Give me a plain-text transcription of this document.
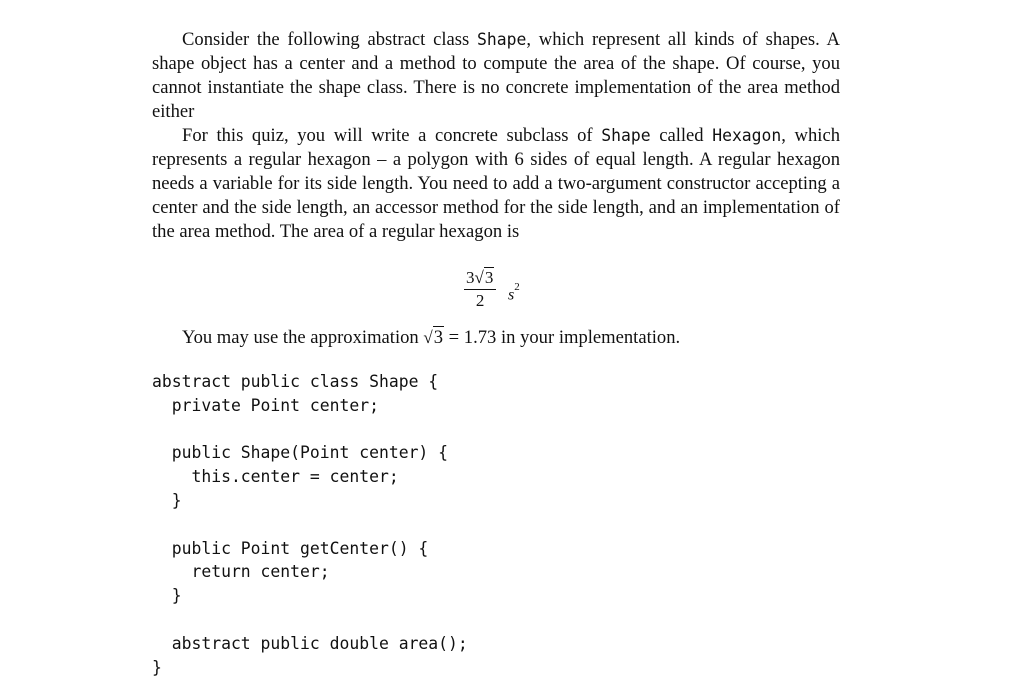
Consider the following abstract class Shape, which represent all kinds of shapes. A shape object has a center and a method to compute the area of the shape. Of course, you cannot instantiate the shape class. There is no concrete implementation of the area method either

For this quiz, you will write a concrete subclass of Shape called Hexagon, which represents a regular hexagon – a polygon with 6 sides of equal length. A regular hexagon needs a variable for its side length. You need to add a two-argument constructor accepting a center and the side length, an accessor method for the side length, and an implementation of the area method. The area of a regular hexagon is

$\frac{3√3}{2} s^2$
You may use the approximation √3 = 1.73 in your implementation.
abstract public class Shape {
private Point center;
public Shape(Point center) {
this.center = center;
}
public Point getCenter() {
return center;
}
abstract public double area();
}
